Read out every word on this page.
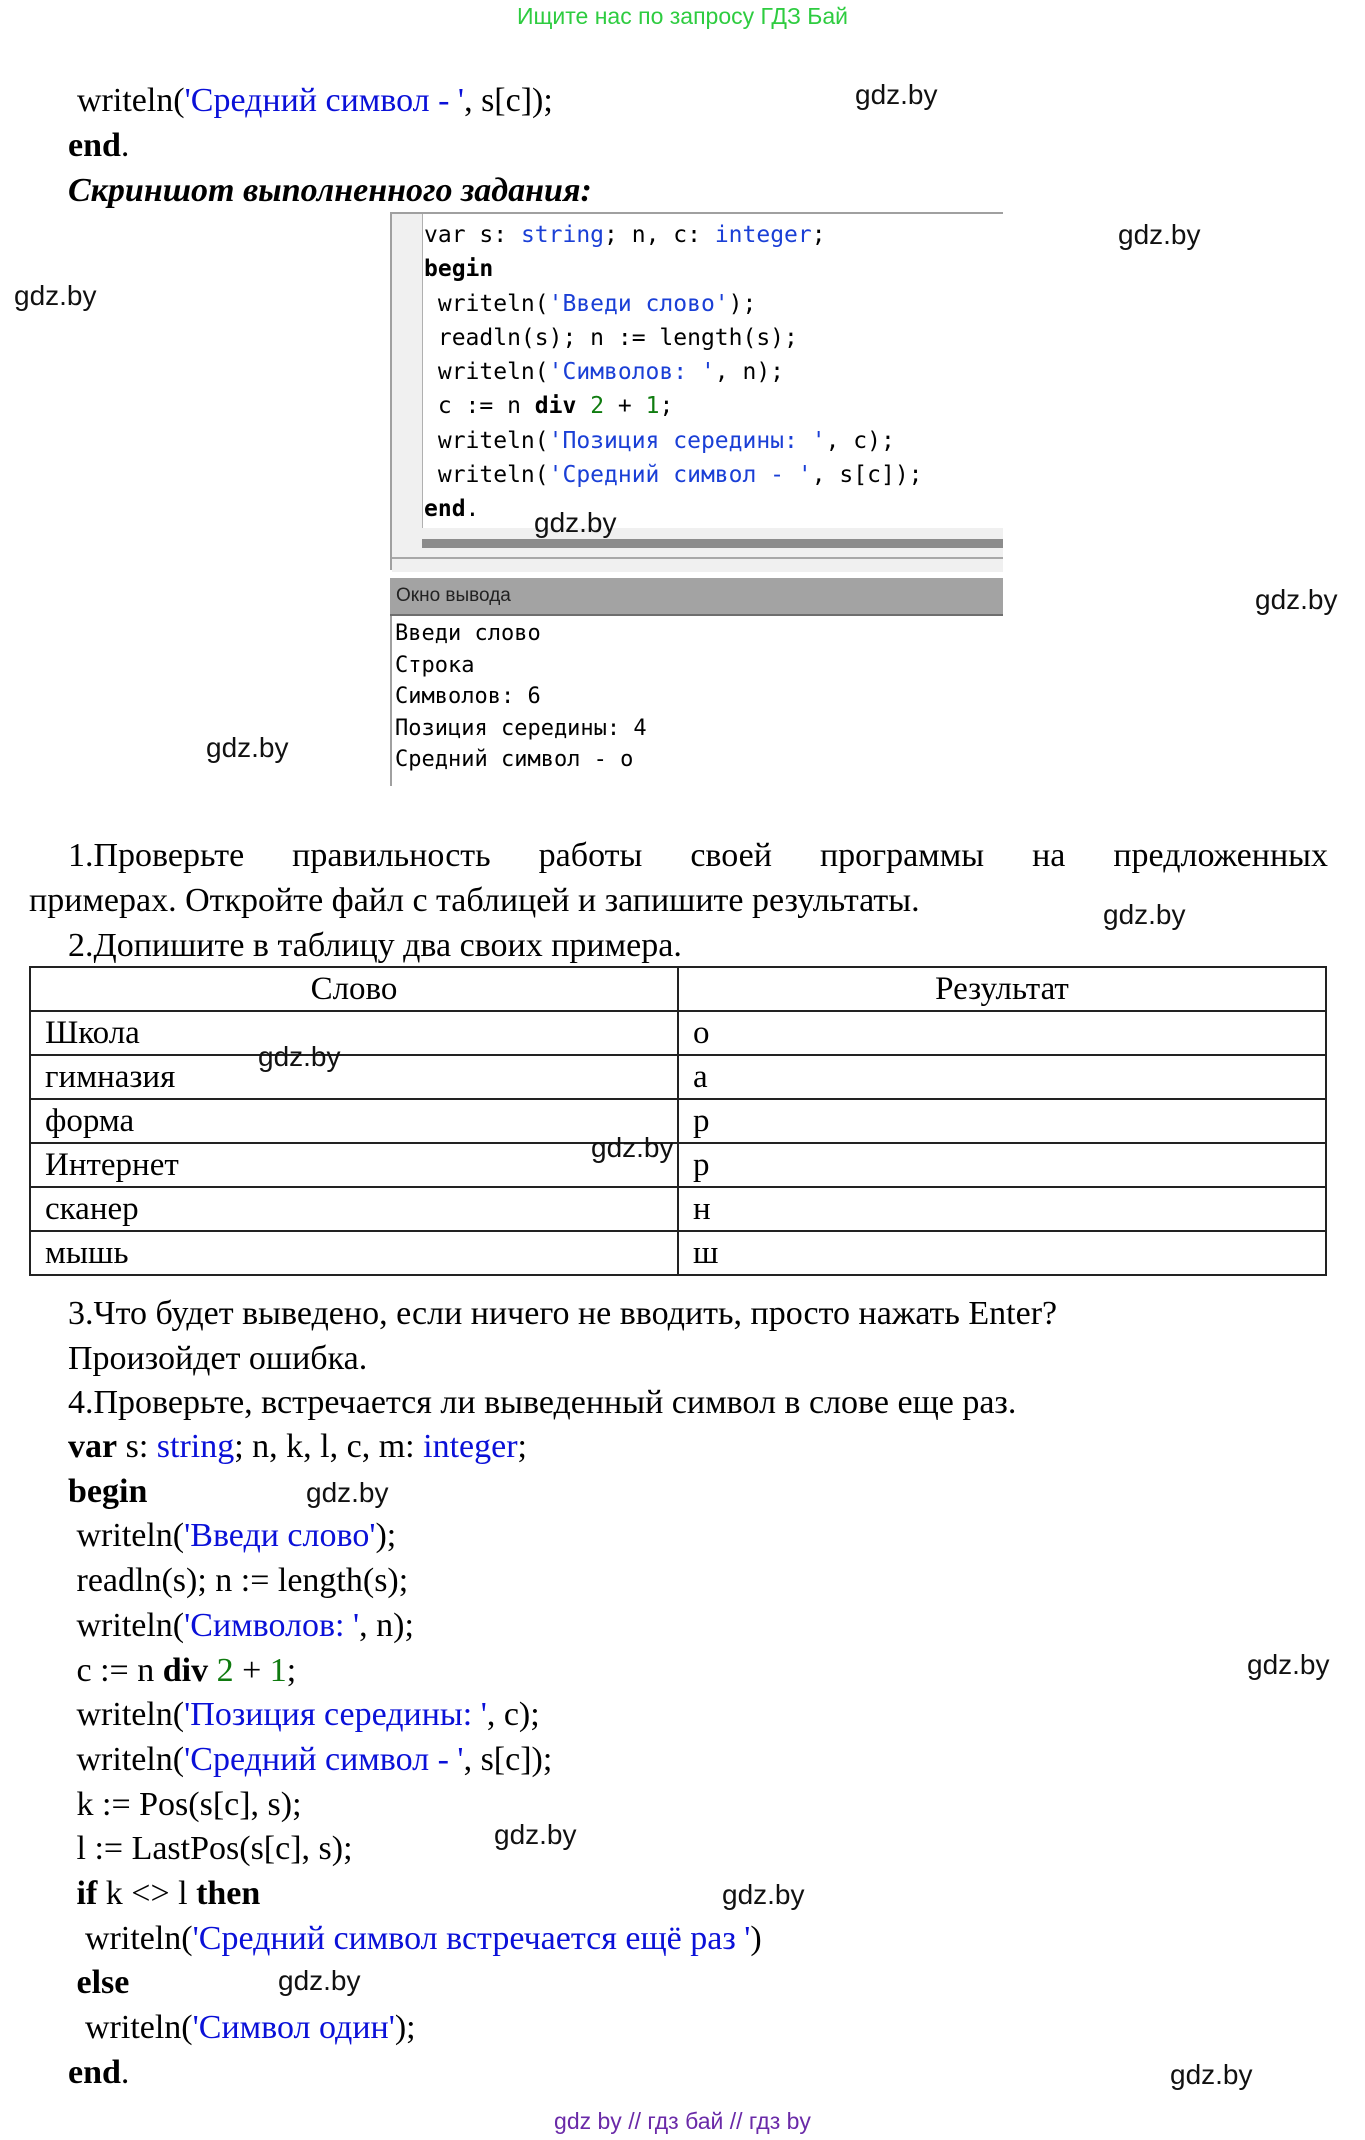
Ищите нас по запросу ГДЗ Бай
writeln('Средний символ - ', s[c]);
end.
Скриншот выполненного задания:
var s: string; n, c: integer;
begin
writeln('Введи слово');
readln(s); n := length(s);
writeln('Символов: ', n);
c := n div 2 + 1;
writeln('Позиция середины: ', c);
writeln('Средний символ - ', s[c]);
end.
Окно вывода
Введи слово
Строка
Символов: 6
Позиция середины: 4
Средний символ - о
1.Проверьте правильность работы своей программы на предложенных
примерах. Откройте файл с таблицей и запишите результаты.
2.Допишите в таблицу два своих примера.
Слово	Результат
Школа	о
гимназия	а
форма	р
Интернет	р
сканер	н
мышь	ш
3.Что будет выведено, если ничего не вводить, просто нажать Enter?
Произойдет ошибка.
4.Проверьте, встречается ли выведенный символ в слове еще раз.
var s: string; n, k, l, c, m: integer;
begin
writeln('Введи слово');
readln(s); n := length(s);
writeln('Символов: ', n);
c := n div 2 + 1;
writeln('Позиция середины: ', c);
writeln('Средний символ - ', s[c]);
k := Pos(s[c], s);
l := LastPos(s[c], s);
if k <> l then
writeln('Средний символ встречается ещё раз ')
else
writeln('Символ один');
end.
gdz.by
gdz.by
gdz.by
gdz.by
gdz.by
gdz.by
gdz.by
gdz.by
gdz.by
gdz.by
gdz.by
gdz.by
gdz.by
gdz.by
gdz.by
gdz by // гдз бай // гдз by
